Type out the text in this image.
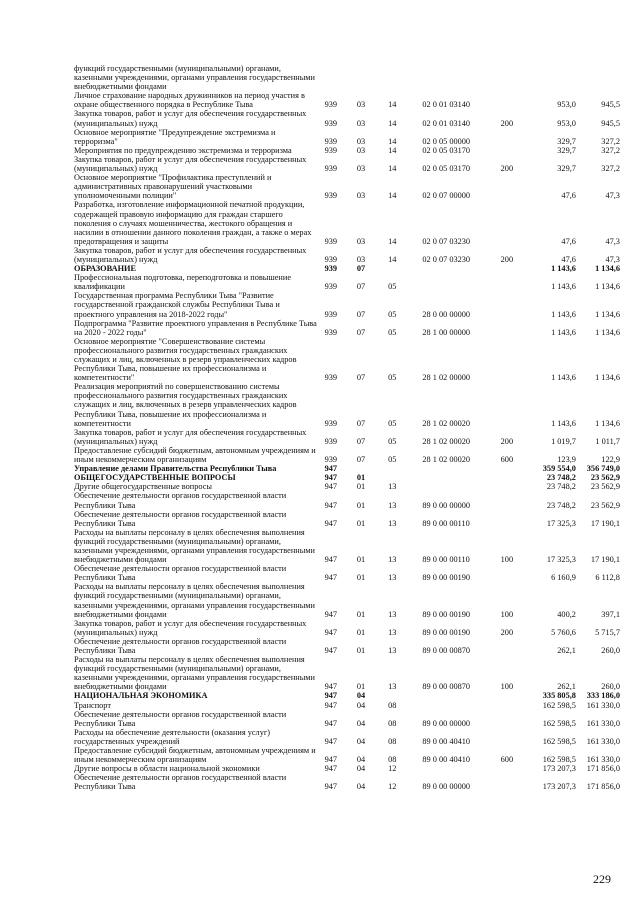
функций государственными (муниципальными) органами, казенными учреждениями, органами управления государственными внебюджетными фондами
Личное страхование народных дружинников на период участия в охране общественного порядка в Республике Тыва	939	03	14	02 0 01 03140	953,0	945,5
Закупка товаров, работ и услуг для обеспечения государственных (муниципальных) нужд	939	03	14	02 0 01 03140	200	953,0	945,5
Основное мероприятие "Предупреждение экстремизма и терроризма"	939	03	14	02 0 05 00000	329,7	327,2
Мероприятия по предупреждению экстремизма и терроризма	939	03	14	02 0 05 03170	329,7	327,2
Закупка товаров, работ и услуг для обеспечения государственных (муниципальных) нужд	939	03	14	02 0 05 03170	200	329,7	327,2
Основное мероприятие "Профилактика преступлений и административных правонарушений участковыми уполномоченными полиции"	939	03	14	02 0 07 00000	47,6	47,3
Разработка, изготовление информационной печатной продукции, содержащей правовую информацию для граждан старшего поколения о случаях мошенничества, жестокого обращения и насилии в отношении данного поколения граждан, а также о мерах предотвращения и защиты	939	03	14	02 0 07 03230	47,6	47,3
Закупка товаров, работ и услуг для обеспечения государственных (муниципальных) нужд	939	03	14	02 0 07 03230	200	47,6	47,3
ОБРАЗОВАНИЕ	939	07	1 143,6	1 134,6
Профессиональная подготовка, переподготовка и повышение квалификации	939	07	05	1 143,6	1 134,6
Государственная программа Республики Тыва "Развитие государственной гражданской службы Республики Тыва и проектного управления на 2018-2022 годы"	939	07	05	28 0 00 00000	1 143,6	1 134,6
Подпрограмма "Развитие проектного управления в Республике Тыва на 2020 - 2022 годы"	939	07	05	28 1 00 00000	1 143,6	1 134,6
Основное мероприятие "Совершенствование системы профессионального развития государственных гражданских служащих и лиц, включенных в резерв управленческих кадров Республики Тыва, повышение их профессионализма и компетентности"	939	07	05	28 1 02 00000	1 143,6	1 134,6
Реализация мероприятий по совершенствованию системы профессионального развития государственных гражданских служащих и лиц, включенных в резерв управленческих кадров Республики Тыва, повышение их профессионализма и компетентности	939	07	05	28 1 02 00020	1 143,6	1 134,6
Закупка товаров, работ и услуг для обеспечения государственных (муниципальных) нужд	939	07	05	28 1 02 00020	200	1 019,7	1 011,7
Предоставление субсидий бюджетным, автономным учреждениям и иным некоммерческим организациям	939	07	05	28 1 02 00020	600	123,9	122,9
Управление делами Правительства Республики Тыва	947	359 554,0	356 749,0
ОБЩЕГОСУДАРСТВЕННЫЕ ВОПРОСЫ	947	01	23 748,2	23 562,9
Другие общегосударственные вопросы	947	01	13	23 748,2	23 562,9
Обеспечение деятельности органов государственной власти Республики Тыва	947	01	13	89 0 00 00000	23 748,2	23 562,9
Обеспечение деятельности органов государственной власти Республики Тыва	947	01	13	89 0 00 00110	17 325,3	17 190,1
Расходы на выплаты персоналу в целях обеспечения выполнения функций государственными (муниципальными) органами, казенными учреждениями, органами управления государственными внебюджетными фондами	947	01	13	89 0 00 00110	100	17 325,3	17 190,1
Обеспечение деятельности органов государственной власти Республики Тыва	947	01	13	89 0 00 00190	6 160,9	6 112,8
Расходы на выплаты персоналу в целях обеспечения выполнения функций государственными (муниципальными) органами, казенными учреждениями, органами управления государственными внебюджетными фондами	947	01	13	89 0 00 00190	100	400,2	397,1
Закупка товаров, работ и услуг для обеспечения государственных (муниципальных) нужд	947	01	13	89 0 00 00190	200	5 760,6	5 715,7
Обеспечение деятельности органов государственной власти Республики Тыва	947	01	13	89 0 00 00870	262,1	260,0
Расходы на выплаты персоналу в целях обеспечения выполнения функций государственными (муниципальными) органами, казенными учреждениями, органами управления государственными внебюджетными фондами	947	01	13	89 0 00 00870	100	262,1	260,0
НАЦИОНАЛЬНАЯ ЭКОНОМИКА	947	04	335 805,8	333 186,0
Транспорт	947	04	08	162 598,5	161 330,0
Обеспечение деятельности органов государственной власти Республики Тыва	947	04	08	89 0 00 00000	162 598,5	161 330,0
Расходы на обеспечение деятельности (оказания услуг) государственных учреждений	947	04	08	89 0 00 40410	162 598,5	161 330,0
Предоставление субсидий бюджетным, автономным учреждениям и иным некоммерческим организациям	947	04	08	89 0 00 40410	600	162 598,5	161 330,0
Другие вопросы в области национальной экономики	947	04	12	173 207,3	171 856,0
Обеспечение деятельности органов государственной власти Республики Тыва	947	04	12	89 0 00 00000	173 207,3	171 856,0
229
